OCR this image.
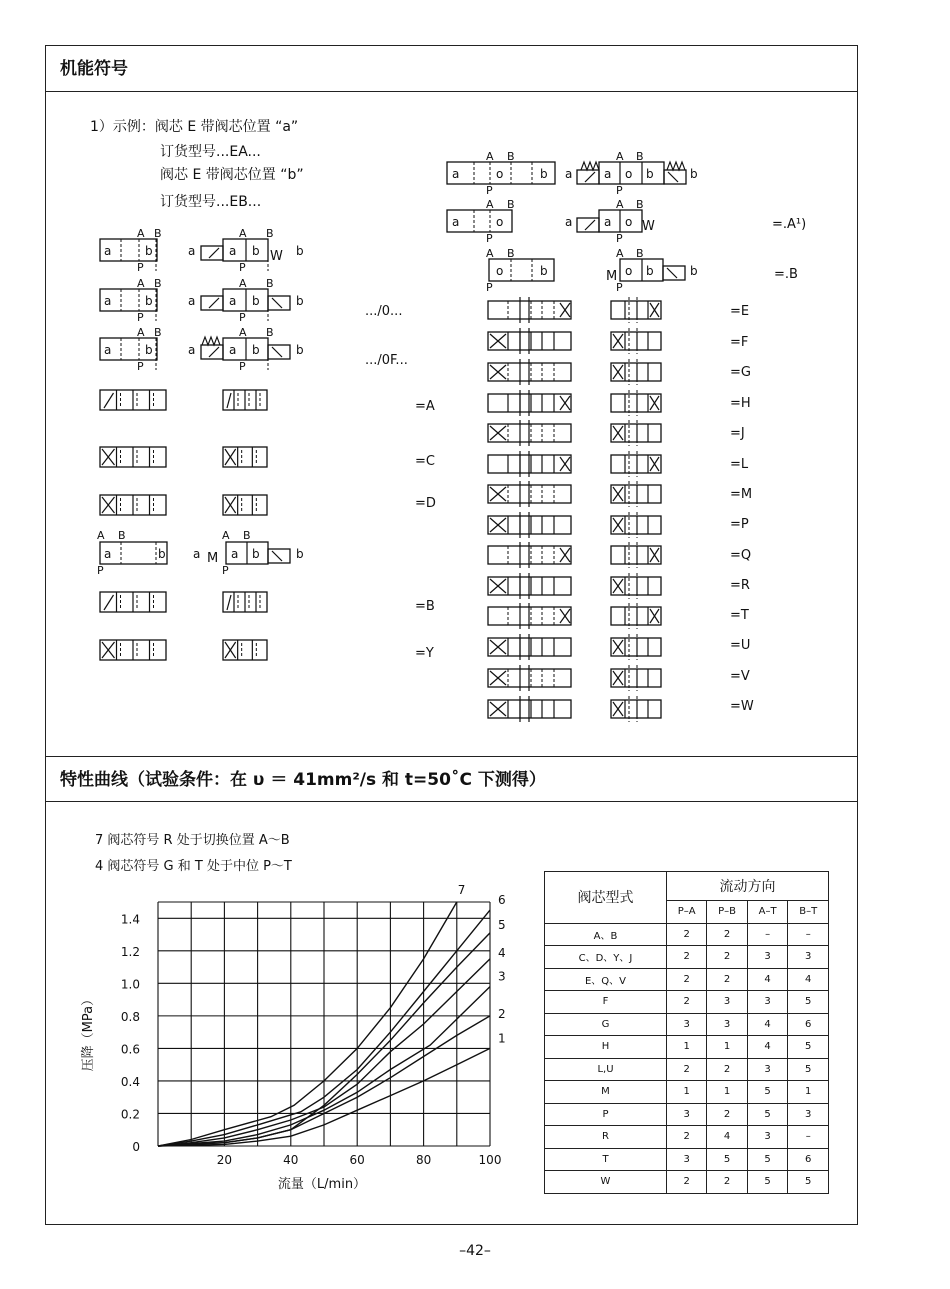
机能符号
特性曲线（试验条件：在 υ ＝ 41mm²/s 和 t=50˚C 下测得）
1）示例：阀芯 E 带阀芯位置 “a”
订货型号...EA...
阀芯 E 带阀芯位置 “b”
订货型号...EB...
.../0...
.../0F...
=A
=C
=D
=B
=Y
=.A¹)
=.B
=E
=F
=G
=H
=J
=L
=M
=P
=Q
=R
=T
=U
=V
=W
a	b
A B
P
a	a b
A B
P
W b
a	b
A B
P
a	a b
A B
P
b
a	b
A B
P
a	a b
A B
P
b
a	b
A B
P
a M a b	b
A B
P
a	o	b
A B
P
a	a o b	b
A B
P
a	o
A B
P
a	a o W
A B
P
o	b
A B
P
M o b	b
A B
P
7 阀芯符号 R 处于切换位置 A～B
4 阀芯符号 G 和 T 处于中位 P～T
0
0.2
0.4
0.6
0.8
1.0
1.2
1.4
20	40	60	80	100
流量（L/min）
压降（MPa）	1
2
3
4
5
6
7
阀芯型式	流动方向			
	P–A	P–B	A–T	B–T
A、B	2	2	–	–
C、D、Y、J	2	2	3	3
E、Q、V	2	2	4	4
F	2	3	3	5
G	3	3	4	6
H	1	1	4	5
L,U	2	2	3	5
M	1	1	5	1
P	3	2	5	3
R	2	4	3	–
T	3	5	5	6
W	2	2	5	5
–42–
